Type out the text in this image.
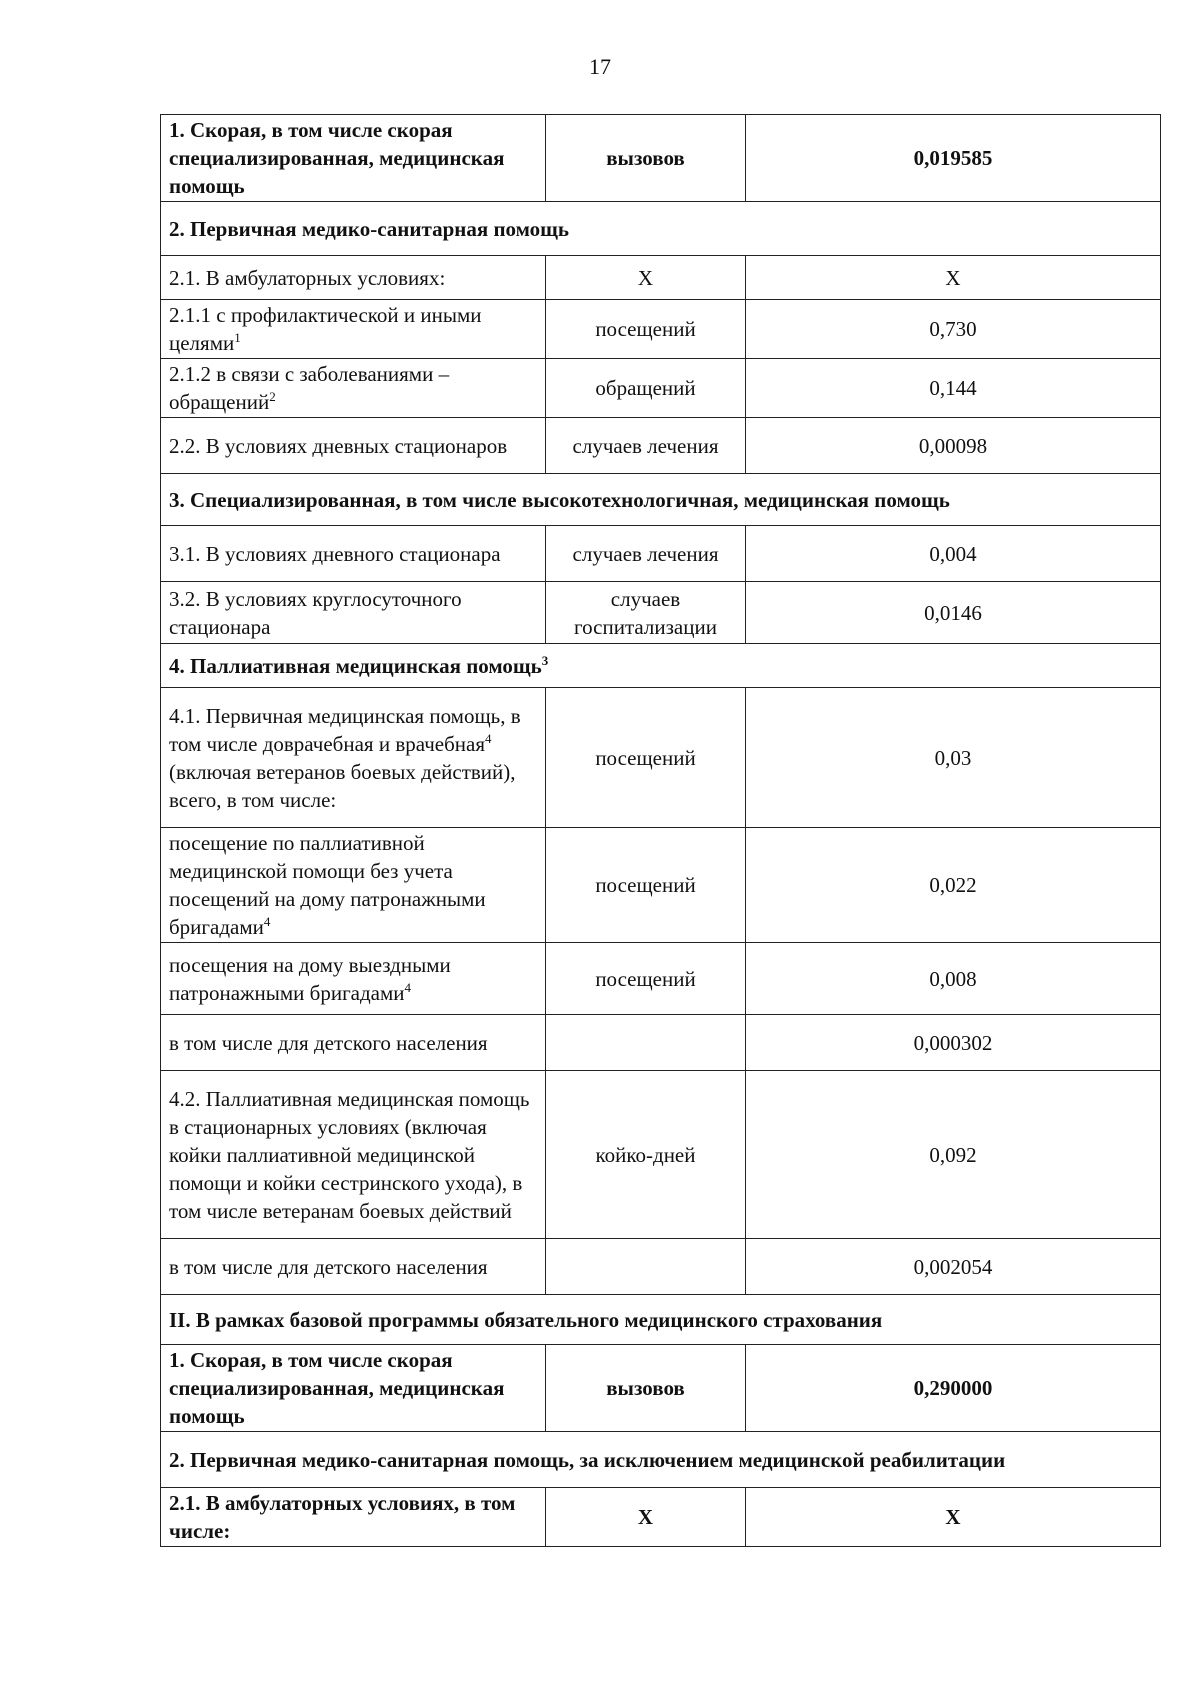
17
1. Скорая, в том числе скорая специализированная, медицинская помощь	вызовов	0,019585
2. Первичная медико-санитарная помощь		
2.1. В амбулаторных условиях:	Х	Х
2.1.1 с профилактической и иными целями$^1$	посещений	0,730
2.1.2 в связи с заболеваниями – обращений$^2$	обращений	0,144
2.2. В условиях дневных стационаров	случаев лечения	0,00098
3. Специализированная, в том числе высокотехнологичная, медицинская помощь		
3.1. В условиях дневного стационара	случаев лечения	0,004
3.2. В условиях круглосуточного стационара	случаев госпитализации	0,0146
4. Паллиативная медицинская помощь$^3$
4.1. Первичная медицинская помощь, в том числе доврачебная и врачебная$^4$ (включая ветеранов боевых действий), всего, в том числе:	посещений	0,03
посещение по паллиативной медицинской помощи без учета посещений на дому патронажными бригадами$^4$	посещений	0,022
посещения на дому выездными патронажными бригадами$^4$	посещений	0,008
в том числе для детского населения		0,000302
4.2. Паллиативная медицинская помощь в стационарных условиях (включая койки паллиативной медицинской помощи и койки сестринского ухода), в том числе ветеранам боевых действий	койко-дней	0,092
в том числе для детского населения		0,002054
II. В рамках базовой программы обязательного медицинского страхования		
1. Скорая, в том числе скорая специализированная, медицинская помощь	вызовов	0,290000
2. Первичная медико-санитарная помощь, за исключением медицинской реабилитации		
2.1. В амбулаторных условиях, в том числе:	Х	Х
